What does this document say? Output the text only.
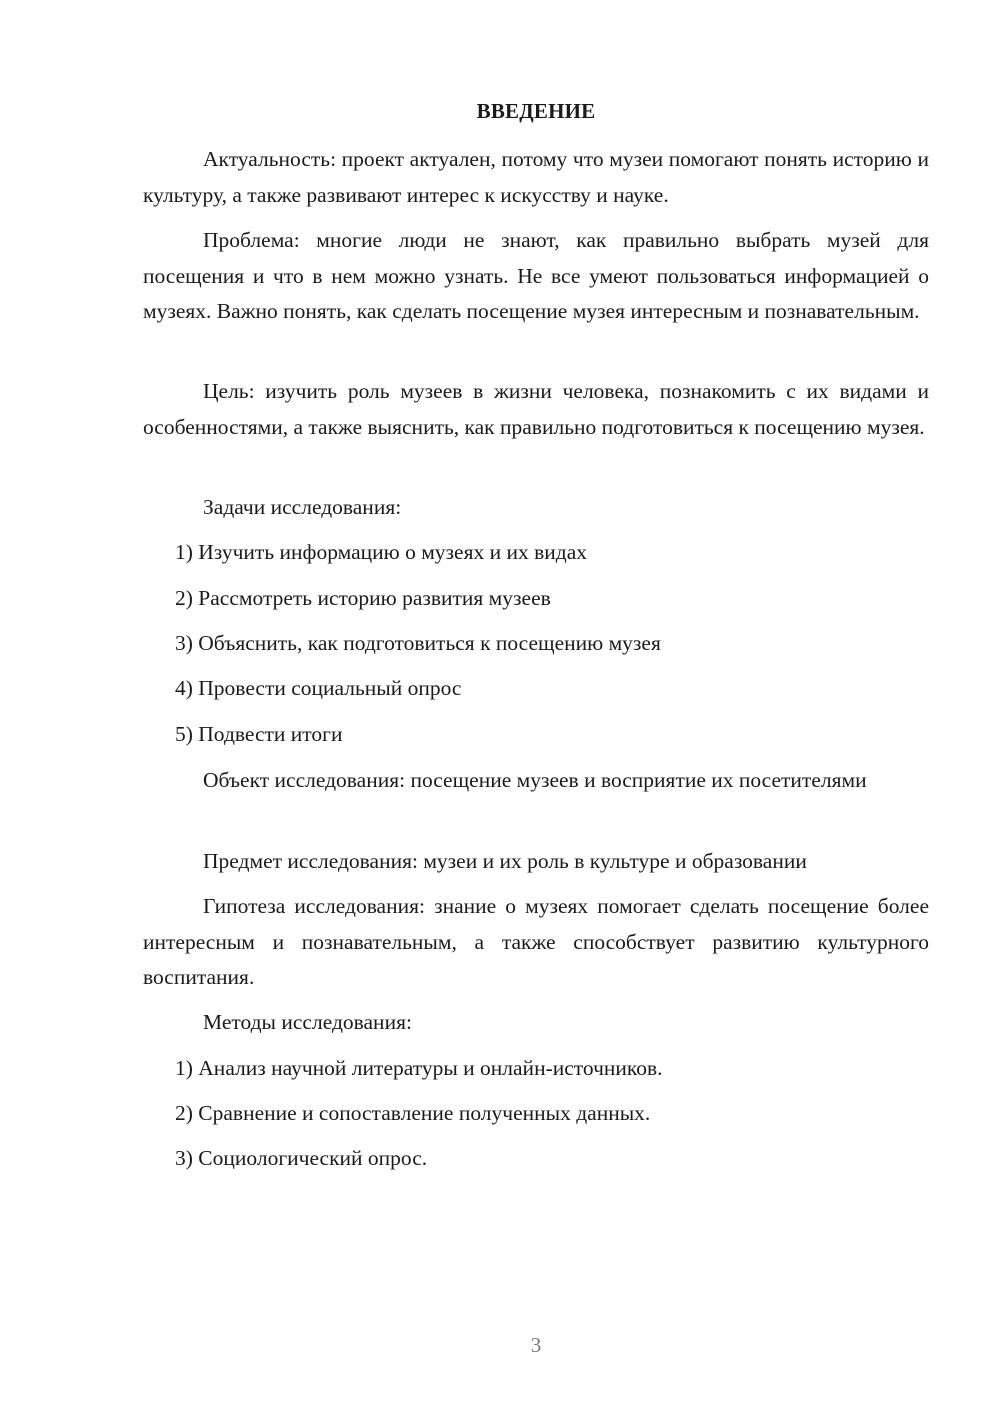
ВВЕДЕНИЕ
Актуальность: проект актуален, потому что музеи помогают понять историю и культуру, а также развивают интерес к искусству и науке.
Проблема: многие люди не знают, как правильно выбрать музей для посещения и что в нем можно узнать. Не все умеют пользоваться информацией о музеях. Важно понять, как сделать посещение музея интересным и познавательным.
Цель: изучить роль музеев в жизни человека, познакомить с их видами и особенностями, а также выяснить, как правильно подготовиться к посещению музея.
Задачи исследования:
1) Изучить информацию о музеях и их видах
2) Рассмотреть историю развития музеев
3) Объяснить, как подготовиться к посещению музея
4) Провести социальный опрос
5) Подвести итоги
Объект исследования: посещение музеев и восприятие их посетителями
Предмет исследования: музеи и их роль в культуре и образовании
Гипотеза исследования: знание о музеях помогает сделать посещение более интересным и познавательным, а также способствует развитию культурного воспитания.
Методы исследования:
1) Анализ научной литературы и онлайн-источников.
2) Сравнение и сопоставление полученных данных.
3) Социологический опрос.
3
